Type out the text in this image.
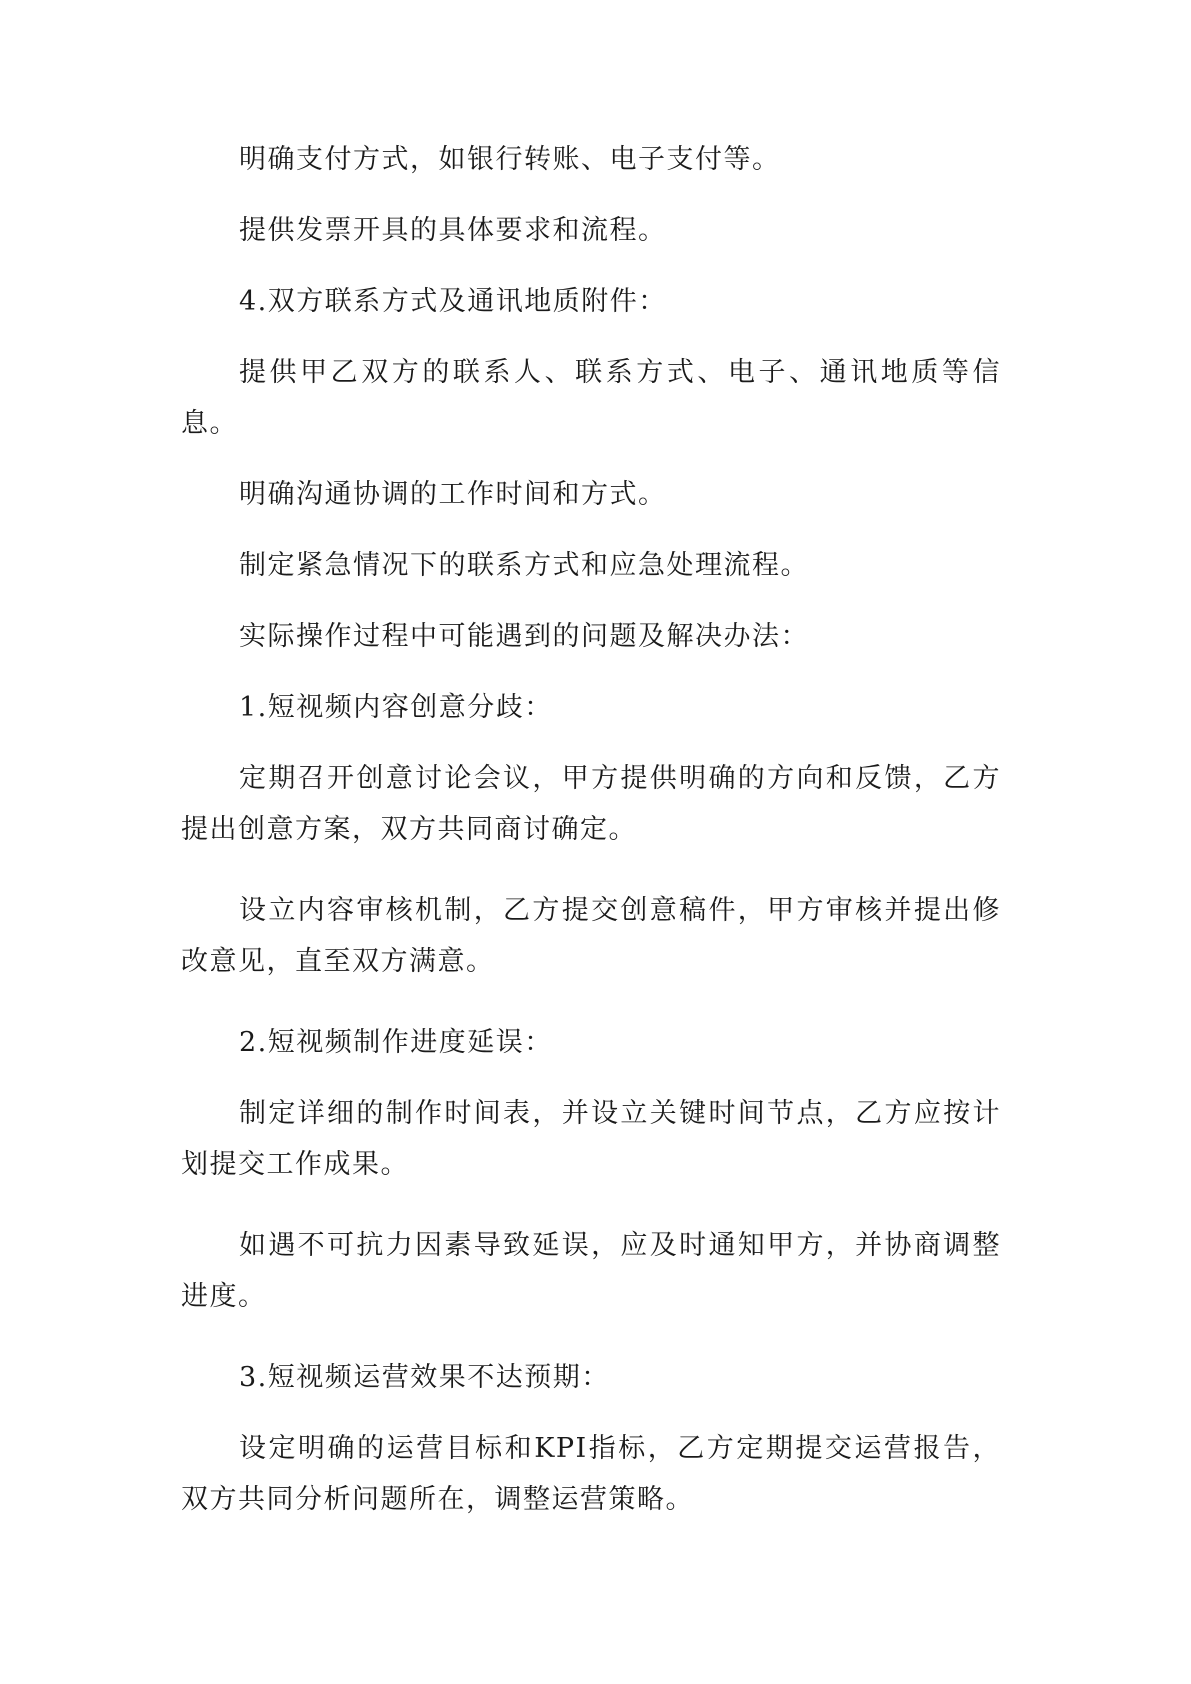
明确支付方式，如银行转账、电子支付等。

提供发票开具的具体要求和流程。

4.双方联系方式及通讯地质附件：

提供甲乙双方的联系人、联系方式、电子、通讯地质等信息。

明确沟通协调的工作时间和方式。

制定紧急情况下的联系方式和应急处理流程。

实际操作过程中可能遇到的问题及解决办法：

1.短视频内容创意分歧：

定期召开创意讨论会议，甲方提供明确的方向和反馈，乙方提出创意方案，双方共同商讨确定。

设立内容审核机制，乙方提交创意稿件，甲方审核并提出修改意见，直至双方满意。

2.短视频制作进度延误：

制定详细的制作时间表，并设立关键时间节点，乙方应按计划提交工作成果。

如遇不可抗力因素导致延误，应及时通知甲方，并协商调整进度。

3.短视频运营效果不达预期：

设定明确的运营目标和KPI指标，乙方定期提交运营报告，双方共同分析问题所在，调整运营策略。
